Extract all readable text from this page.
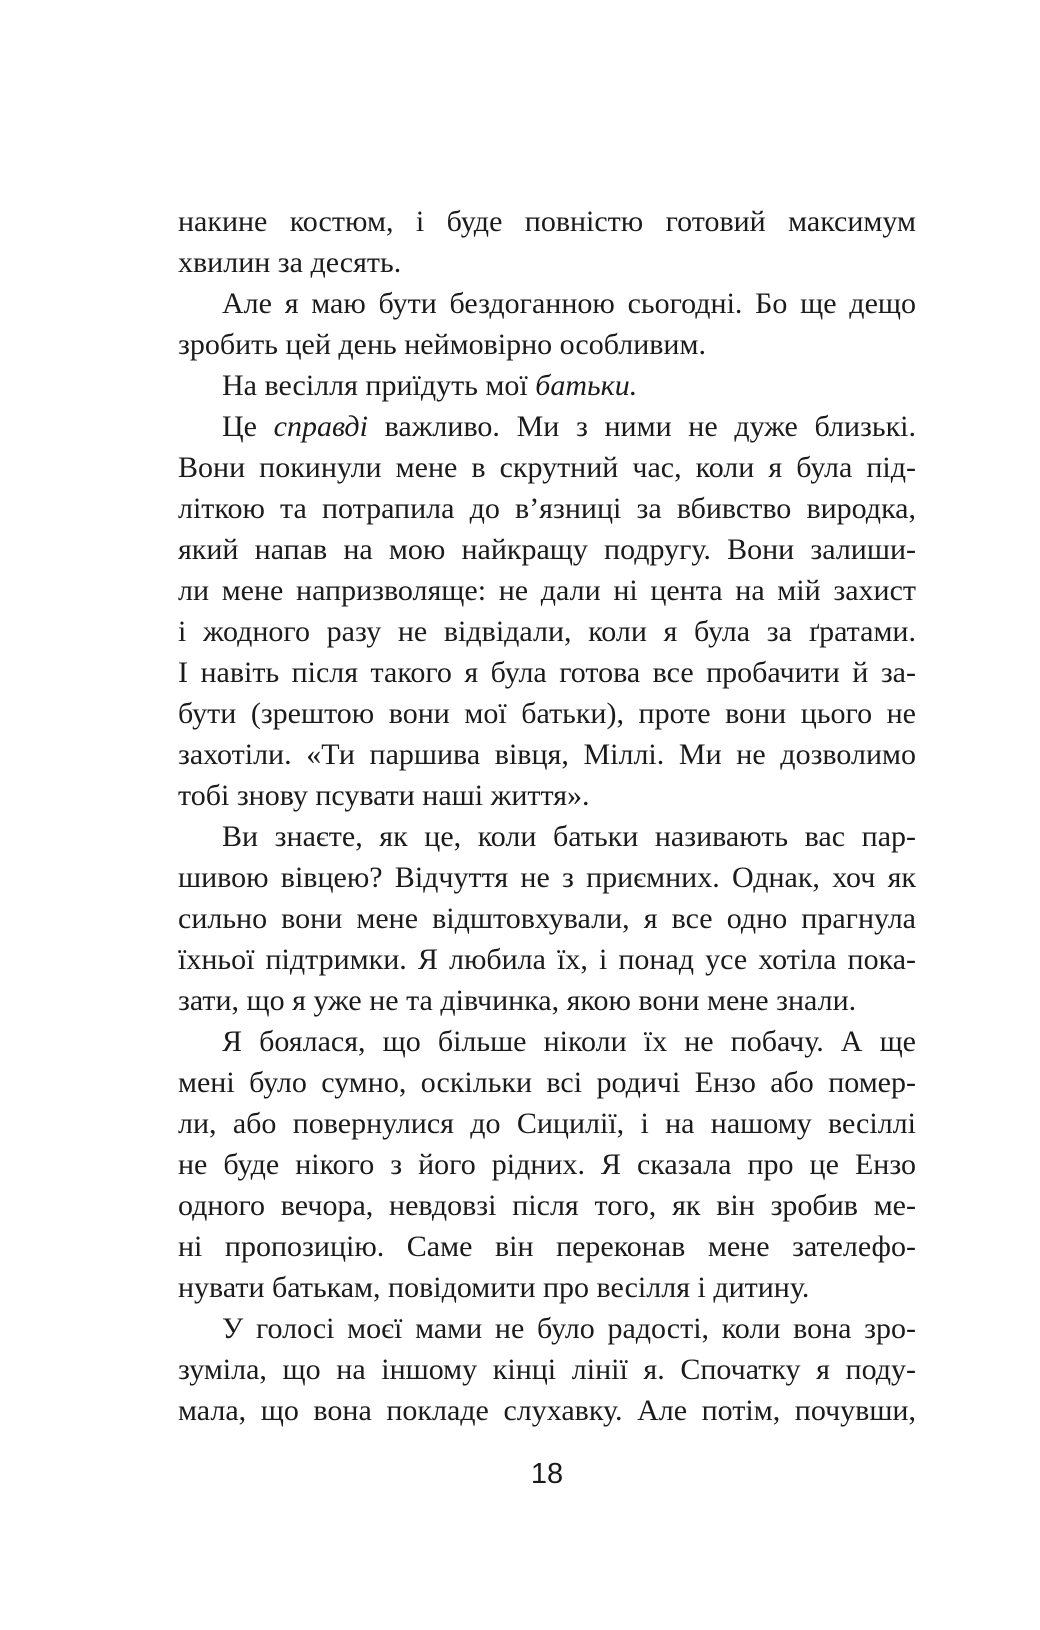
накине костюм, і буде повністю готовий максимум
хвилин за десять.
Але я маю бути бездоганною сьогодні. Бо ще дещо
зробить цей день неймовірно особливим.
На весілля приїдуть мої батьки.
Це справді важливо. Ми з ними не дуже близькі.
Вони покинули мене в скрутний час, коли я була під-
літкою та потрапила до в’язниці за вбивство виродка,
який напав на мою найкращу подругу. Вони залиши-
ли мене напризволяще: не дали ні цента на мій захист
і жодного разу не відвідали, коли я була за ґратами.
І навіть після такого я була готова все пробачити й за-
бути (зрештою вони мої батьки), проте вони цього не
захотіли. «Ти паршива вівця, Міллі. Ми не дозволимо
тобі знову псувати наші життя».
Ви знаєте, як це, коли батьки називають вас пар-
шивою вівцею? Відчуття не з приємних. Однак, хоч як
сильно вони мене відштовхували, я все одно прагнула
їхньої підтримки. Я любила їх, і понад усе хотіла пока-
зати, що я уже не та дівчинка, якою вони мене знали.
Я боялася, що більше ніколи їх не побачу. А ще
мені було сумно, оскільки всі родичі Ензо або помер-
ли, або повернулися до Сицилії, і на нашому весіллі
не буде нікого з його рідних. Я сказала про це Ензо
одного вечора, невдовзі після того, як він зробив ме-
ні пропозицію. Саме він переконав мене зателефо-
нувати батькам, повідомити про весілля і дитину.
У голосі моєї мами не було радості, коли вона зро-
зуміла, що на іншому кінці лінії я. Спочатку я поду-
мала, що вона покладе слухавку. Але потім, почувши,
18
